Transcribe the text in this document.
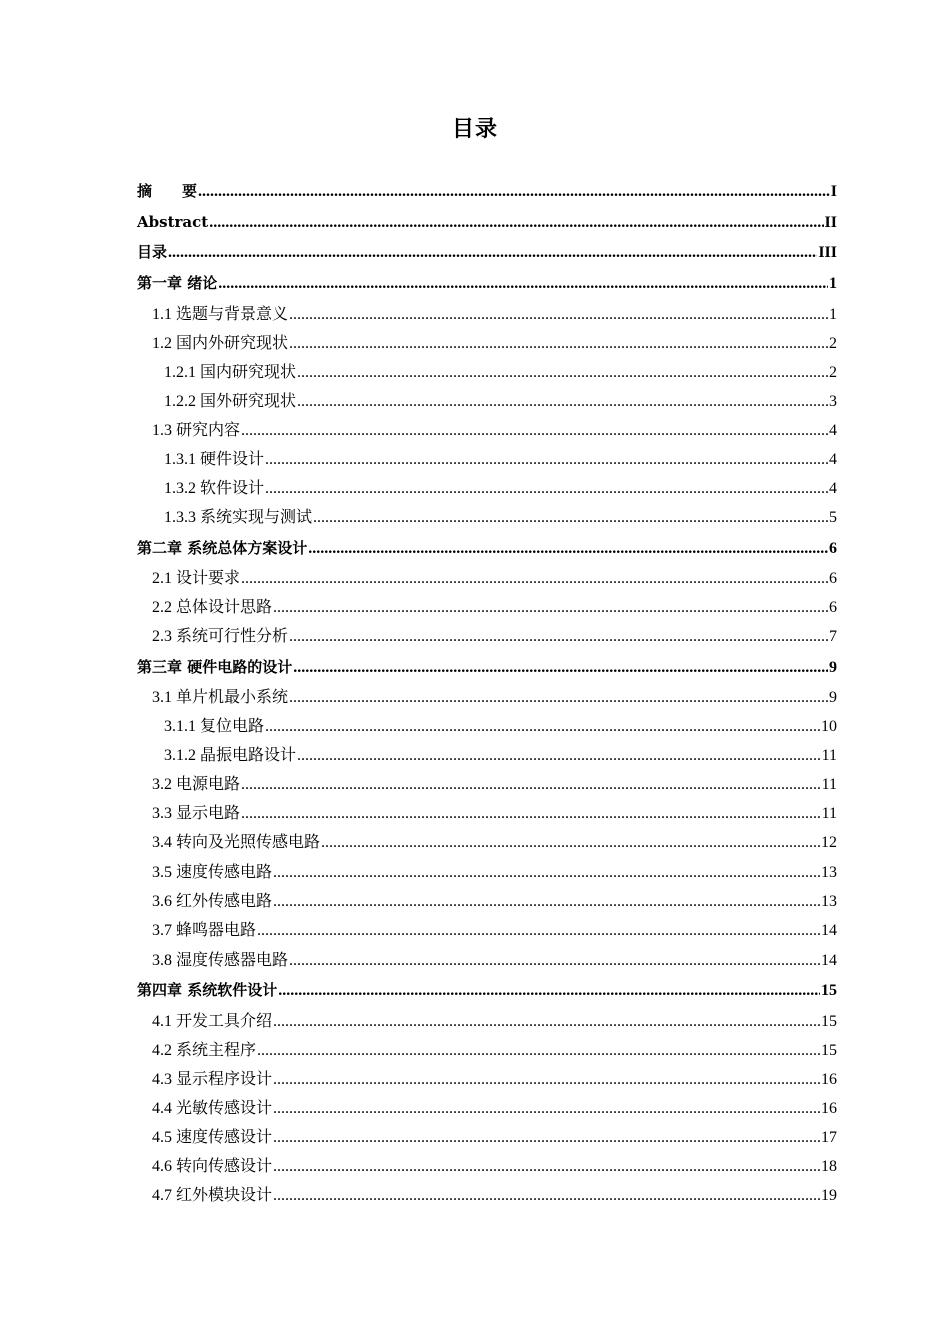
目录
摘　　要 .....	I
Abstract .....	II
目录 .....	III
第一章 绪论 .....	1
1.1 选题与背景意义 .....	1
1.2 国内外研究现状 .....	2
1.2.1 国内研究现状 .....	2
1.2.2 国外研究现状 .....	3
1.3 研究内容 .....	4
1.3.1 硬件设计 .....	4
1.3.2 软件设计 .....	4
1.3.3 系统实现与测试 .....	5
第二章 系统总体方案设计 .....	6
2.1 设计要求 .....	6
2.2 总体设计思路 .....	6
2.3 系统可行性分析 .....	7
第三章 硬件电路的设计 .....	9
3.1 单片机最小系统 .....	9
3.1.1 复位电路 .....	10
3.1.2 晶振电路设计 .....	11
3.2 电源电路 .....	11
3.3 显示电路 .....	11
3.4 转向及光照传感电路 .....	12
3.5 速度传感电路 .....	13
3.6 红外传感电路 .....	13
3.7 蜂鸣器电路 .....	14
3.8 湿度传感器电路 .....	14
第四章 系统软件设计 .....	15
4.1 开发工具介绍 .....	15
4.2 系统主程序 .....	15
4.3 显示程序设计 .....	16
4.4 光敏传感设计 .....	16
4.5 速度传感设计 .....	17
4.6 转向传感设计 .....	18
4.7 红外模块设计 .....	19
